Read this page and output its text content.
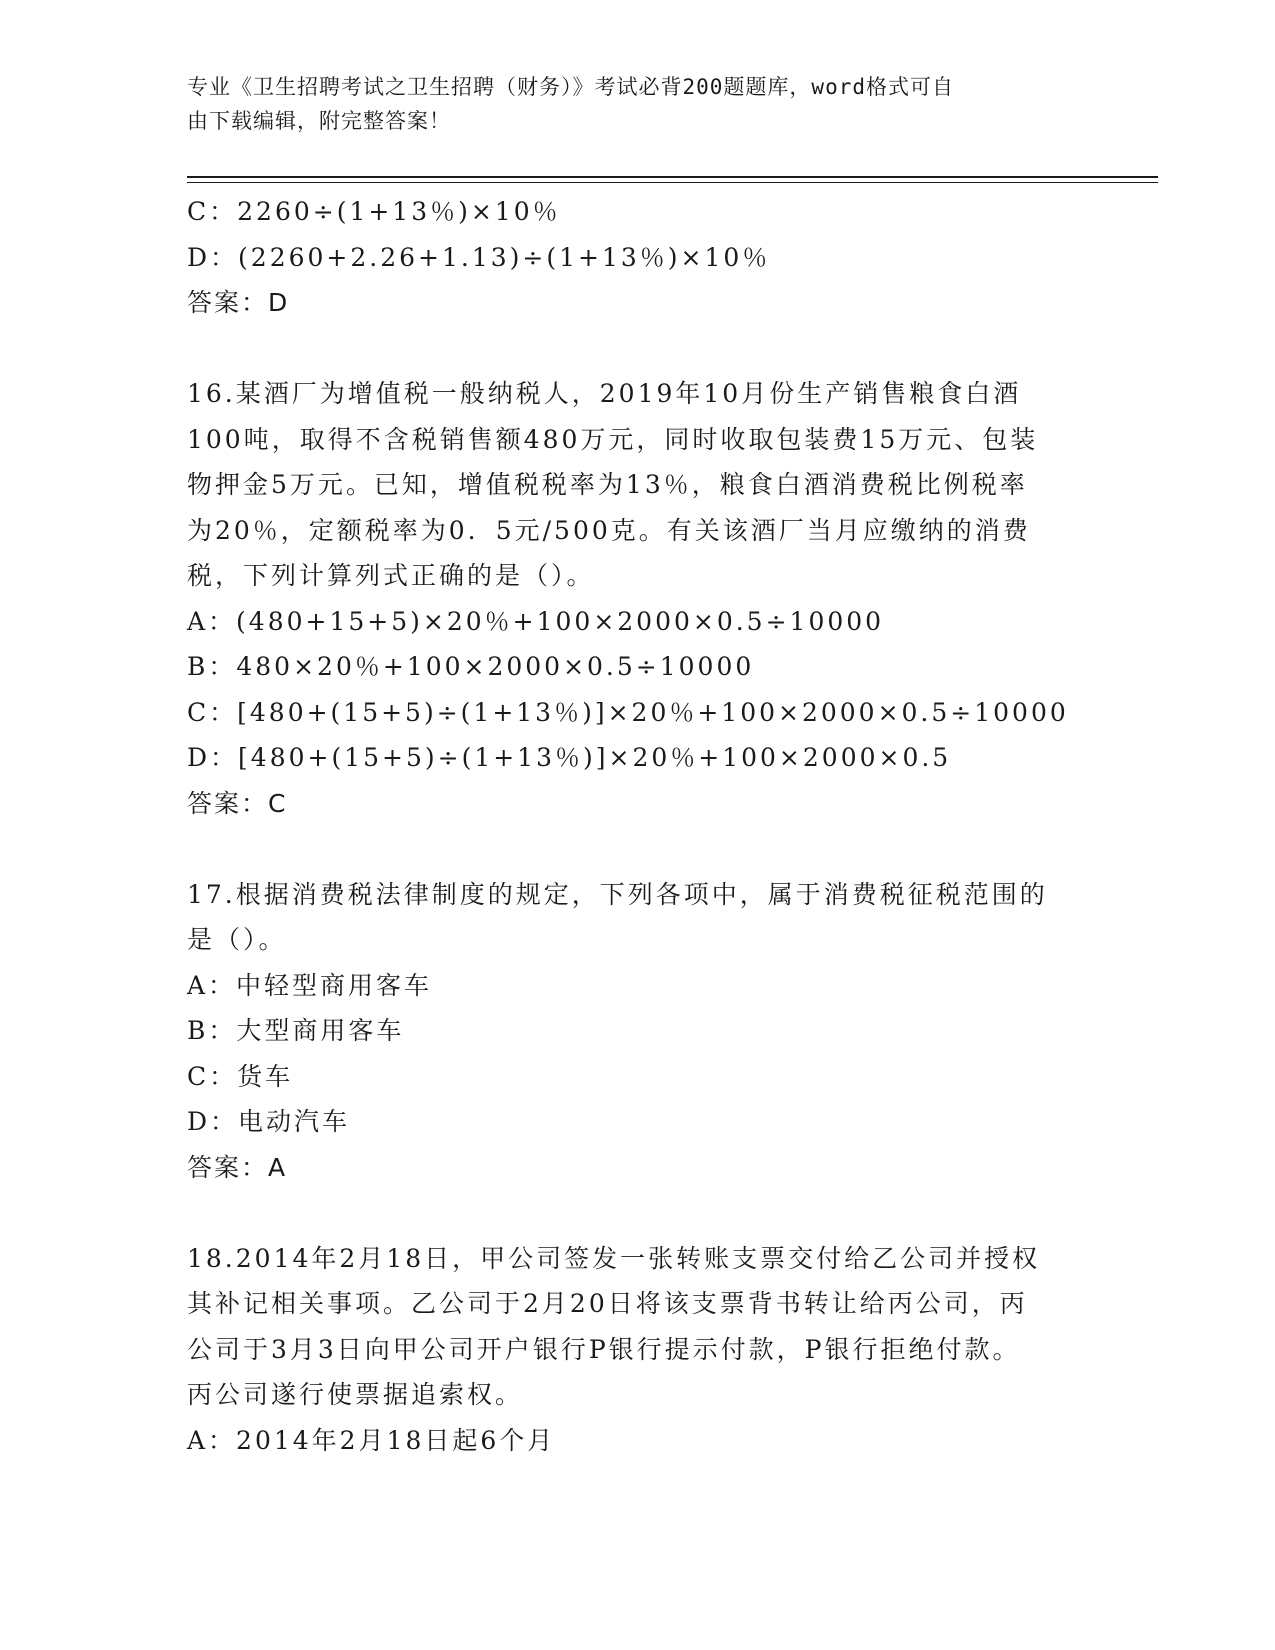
专业《卫生招聘考试之卫生招聘（财务）》考试必背200题题库，word格式可自
由下载编辑，附完整答案！
C：2260÷(1+13％)×10％
D：(2260+2.26+1.13)÷(1+13％)×10％
答案：D
16.某酒厂为增值税一般纳税人，2019年10月份生产销售粮食白酒
100吨，取得不含税销售额480万元，同时收取包装费15万元、包装
物押金5万元。已知，增值税税率为13％，粮食白酒消费税比例税率
为20％，定额税率为0．5元/500克。有关该酒厂当月应缴纳的消费
税，下列计算列式正确的是（）。
A：(480+15+5)×20％+100×2000×0.5÷10000
B：480×20％+100×2000×0.5÷10000
C：[480+(15+5)÷(1+13％)]×20％+100×2000×0.5÷10000
D：[480+(15+5)÷(1+13％)]×20％+100×2000×0.5
答案：C
17.根据消费税法律制度的规定，下列各项中，属于消费税征税范围的
是（）。
A：中轻型商用客车
B：大型商用客车
C：货车
D：电动汽车
答案：A
18.2014年2月18日，甲公司签发一张转账支票交付给乙公司并授权
其补记相关事项。乙公司于2月20日将该支票背书转让给丙公司，丙
公司于3月3日向甲公司开户银行P银行提示付款，P银行拒绝付款。
丙公司遂行使票据追索权。
A：2014年2月18日起6个月
